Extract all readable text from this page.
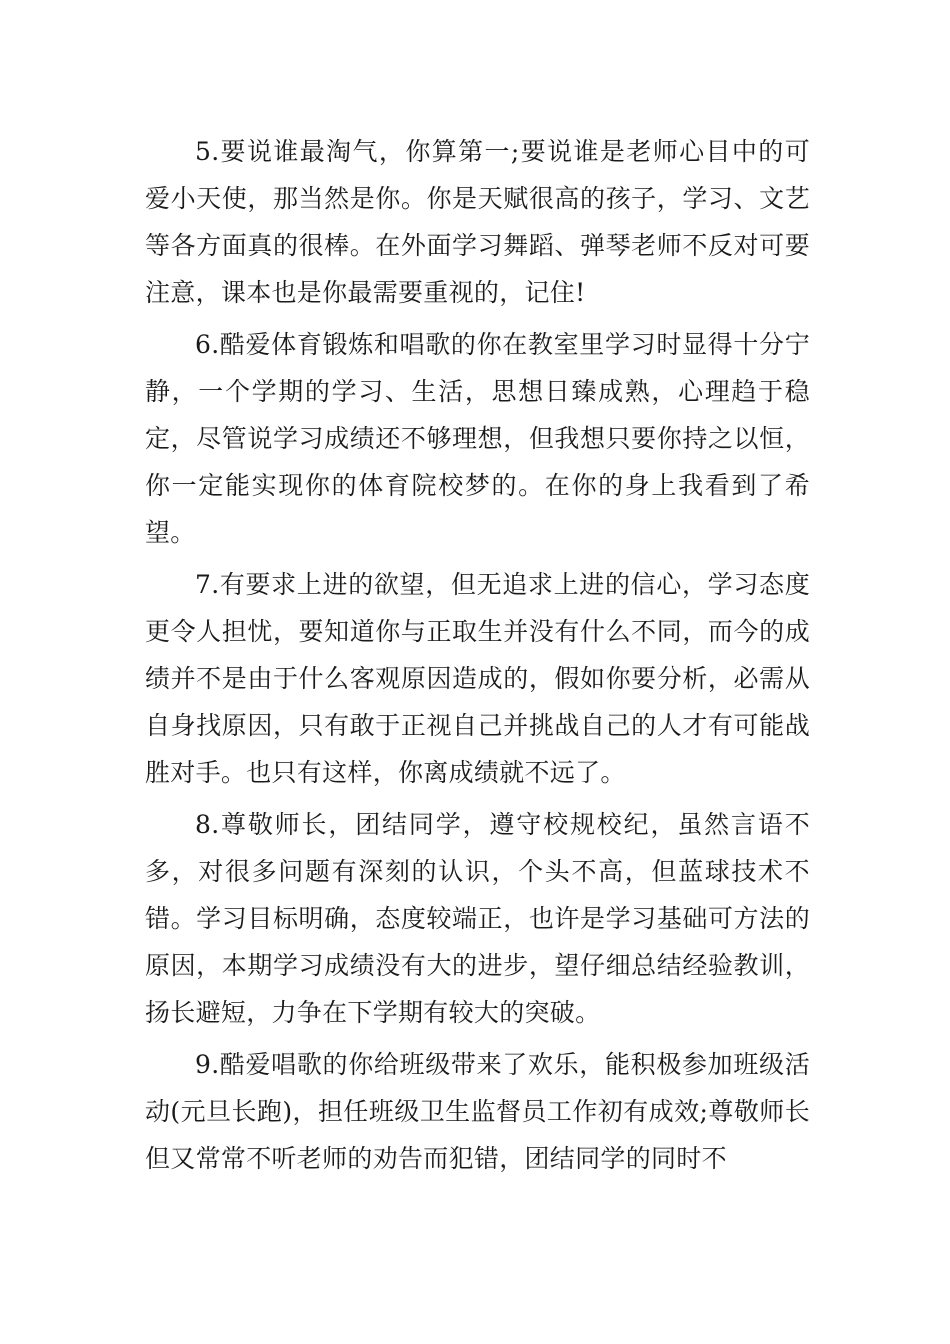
5.要说谁最淘气，你算第一;要说谁是老师心目中的可爱小天使，那当然是你。你是天赋很高的孩子，学习、文艺等各方面真的很棒。在外面学习舞蹈、弹琴老师不反对可要注意，课本也是你最需要重视的，记住!

6.酷爱体育锻炼和唱歌的你在教室里学习时显得十分宁静，一个学期的学习、生活，思想日臻成熟，心理趋于稳定，尽管说学习成绩还不够理想，但我想只要你持之以恒，你一定能实现你的体育院校梦的。在你的身上我看到了希望。

7.有要求上进的欲望，但无追求上进的信心，学习态度更令人担忧，要知道你与正取生并没有什么不同，而今的成绩并不是由于什么客观原因造成的，假如你要分析，必需从自身找原因，只有敢于正视自己并挑战自己的人才有可能战胜对手。也只有这样，你离成绩就不远了。

8.尊敬师长，团结同学，遵守校规校纪，虽然言语不多，对很多问题有深刻的认识，个头不高，但蓝球技术不错。学习目标明确，态度较端正，也许是学习基础可方法的原因，本期学习成绩没有大的进步，望仔细总结经验教训，扬长避短，力争在下学期有较大的突破。

9.酷爱唱歌的你给班级带来了欢乐，能积极参加班级活动(元旦长跑)，担任班级卫生监督员工作初有成效;尊敬师长但又常常不听老师的劝告而犯错，团结同学的同时不
